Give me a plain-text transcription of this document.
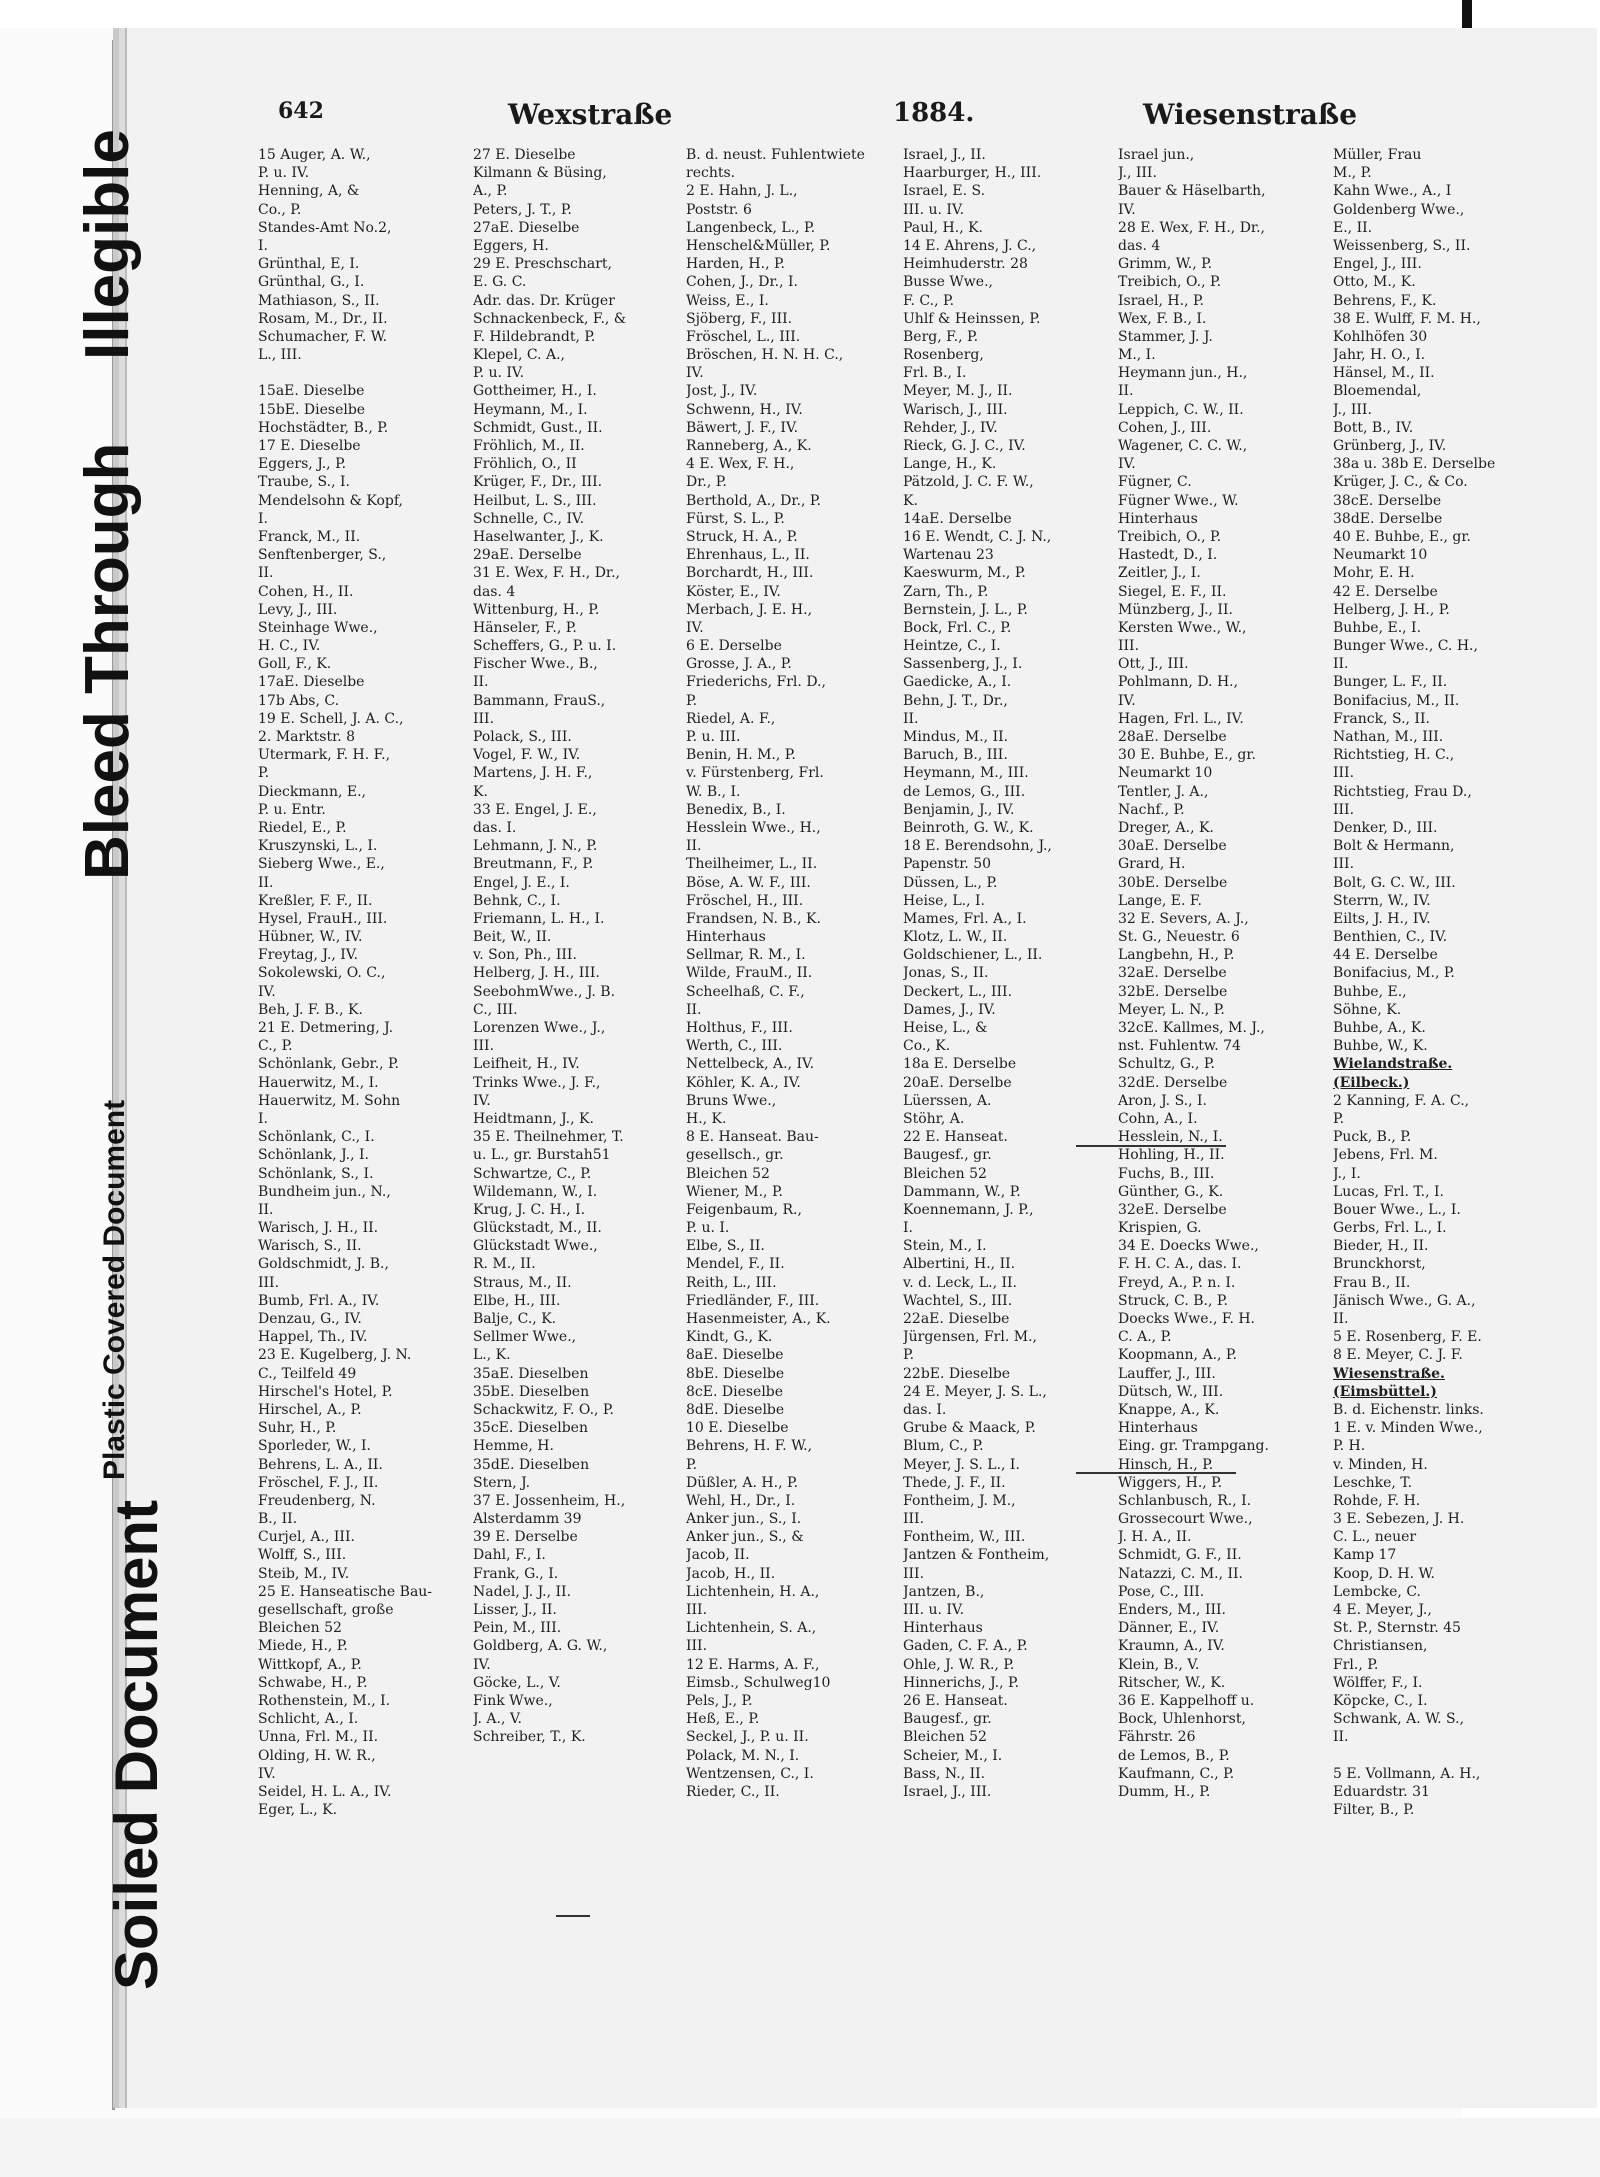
Soiled Document
Plastic Covered Document
Bleed Through
Illegible
642	Wexstraße	1884.	Wiesenstraße
15 Auger, A. W.,
P. u. IV.
Henning, A, &
Co., P.
Standes-Amt No.2,
I.
Grünthal, E, I.
Grünthal, G., I.
Mathiason, S., II.
Rosam, M., Dr., II.
Schumacher, F. W.
L., III.
15aE. Dieselbe
15bE. Dieselbe
Hochstädter, B., P.
17 E. Dieselbe
Eggers, J., P.
Traube, S., I.
Mendelsohn & Kopf,
I.
Franck, M., II.
Senftenberger, S.,
II.
Cohen, H., II.
Levy, J., III.
Steinhage Wwe.,
H. C., IV.
Goll, F., K.
17aE. Dieselbe
17b Abs, C.
19 E. Schell, J. A. C.,
2. Marktstr. 8
Utermark, F. H. F.,
P.
Dieckmann, E.,
P. u. Entr.
Riedel, E., P.
Kruszynski, L., I.
Sieberg Wwe., E.,
II.
Kreßler, F. F., II.
Hysel, FrauH., III.
Hübner, W., IV.
Freytag, J., IV.
Sokolewski, O. C.,
IV.
Beh, J. F. B., K.
21 E. Detmering, J.
C., P.
Schönlank, Gebr., P.
Hauerwitz, M., I.
Hauerwitz, M. Sohn
I.
Schönlank, C., I.
Schönlank, J., I.
Schönlank, S., I.
Bundheim jun., N.,
II.
Warisch, J. H., II.
Warisch, S., II.
Goldschmidt, J. B.,
III.
Bumb, Frl. A., IV.
Denzau, G., IV.
Happel, Th., IV.
23 E. Kugelberg, J. N.
C., Teilfeld 49
Hirschel's Hotel, P.
Hirschel, A., P.
Suhr, H., P.
Sporleder, W., I.
Behrens, L. A., II.
Fröschel, F. J., II.
Freudenberg, N.
B., II.
Curjel, A., III.
Wolff, S., III.
Steib, M., IV.
25 E. Hanseatische Bau-
gesellschaft, große
Bleichen 52
Miede, H., P.
Wittkopf, A., P.
Schwabe, H., P.
Rothenstein, M., I.
Schlicht, A., I.
Unna, Frl. M., II.
Olding, H. W. R.,
IV.
Seidel, H. L. A., IV.
Eger, L., K.
27 E. Dieselbe
Kilmann & Büsing,
A., P.
Peters, J. T., P.
27aE. Dieselbe
Eggers, H.
29 E. Preschschart,
E. G. C.
Adr. das. Dr. Krüger
Schnackenbeck, F., &
F. Hildebrandt, P.
Klepel, C. A.,
P. u. IV.
Gottheimer, H., I.
Heymann, M., I.
Schmidt, Gust., II.
Fröhlich, M., II.
Fröhlich, O., II
Krüger, F., Dr., III.
Heilbut, L. S., III.
Schnelle, C., IV.
Haselwanter, J., K.
29aE. Derselbe
31 E. Wex, F. H., Dr.,
das. 4
Wittenburg, H., P.
Hänseler, F., P.
Scheffers, G., P. u. I.
Fischer Wwe., B.,
II.
Bammann, FrauS.,
III.
Polack, S., III.
Vogel, F. W., IV.
Martens, J. H. F.,
K.
33 E. Engel, J. E.,
das. I.
Lehmann, J. N., P.
Breutmann, F., P.
Engel, J. E., I.
Behnk, C., I.
Friemann, L. H., I.
Beit, W., II.
v. Son, Ph., III.
Helberg, J. H., III.
SeebohmWwe., J. B.
C., III.
Lorenzen Wwe., J.,
III.
Leifheit, H., IV.
Trinks Wwe., J. F.,
IV.
Heidtmann, J., K.
35 E. Theilnehmer, T.
u. L., gr. Burstah51
Schwartze, C., P.
Wildemann, W., I.
Krug, J. C. H., I.
Glückstadt, M., II.
Glückstadt Wwe.,
R. M., II.
Straus, M., II.
Elbe, H., III.
Balje, C., K.
Sellmer Wwe.,
L., K.
35aE. Dieselben
35bE. Dieselben
Schackwitz, F. O., P.
35cE. Dieselben
Hemme, H.
35dE. Dieselben
Stern, J.
37 E. Jossenheim, H.,
Alsterdamm 39
39 E. Derselbe
Dahl, F., I.
Frank, G., I.
Nadel, J. J., II.
Lisser, J., II.
Pein, M., III.
Goldberg, A. G. W.,
IV.
Göcke, L., V.
Fink Wwe.,
J. A., V.
Schreiber, T., K.
B. d. neust. Fuhlentwiete
rechts.
2 E. Hahn, J. L.,
Poststr. 6
Langenbeck, L., P.
Henschel&Müller, P.
Harden, H., P.
Cohen, J., Dr., I.
Weiss, E., I.
Sjöberg, F., III.
Fröschel, L., III.
Bröschen, H. N. H. C.,
IV.
Jost, J., IV.
Schwenn, H., IV.
Bäwert, J. F., IV.
Ranneberg, A., K.
4 E. Wex, F. H.,
Dr., P.
Berthold, A., Dr., P.
Fürst, S. L., P.
Struck, H. A., P.
Ehrenhaus, L., II.
Borchardt, H., III.
Köster, E., IV.
Merbach, J. E. H.,
IV.
6 E. Derselbe
Grosse, J. A., P.
Friederichs, Frl. D.,
P.
Riedel, A. F.,
P. u. III.
Benin, H. M., P.
v. Fürstenberg, Frl.
W. B., I.
Benedix, B., I.
Hesslein Wwe., H.,
II.
Theilheimer, L., II.
Böse, A. W. F., III.
Fröschel, H., III.
Frandsen, N. B., K.
Hinterhaus
Sellmar, R. M., I.
Wilde, FrauM., II.
Scheelhaß, C. F.,
II.
Holthus, F., III.
Werth, C., III.
Nettelbeck, A., IV.
Köhler, K. A., IV.
Bruns Wwe.,
H., K.
8 E. Hanseat. Bau-
gesellsch., gr.
Bleichen 52
Wiener, M., P.
Feigenbaum, R.,
P. u. I.
Elbe, S., II.
Mendel, F., II.
Reith, L., III.
Friedländer, F., III.
Hasenmeister, A., K.
Kindt, G., K.
8aE. Dieselbe
8bE. Dieselbe
8cE. Dieselbe
8dE. Dieselbe
10 E. Dieselbe
Behrens, H. F. W.,
P.
Düßler, A. H., P.
Wehl, H., Dr., I.
Anker jun., S., I.
Anker jun., S., &
Jacob, II.
Jacob, H., II.
Lichtenhein, H. A.,
III.
Lichtenhein, S. A.,
III.
12 E. Harms, A. F.,
Eimsb., Schulweg10
Pels, J., P.
Heß, E., P.
Seckel, J., P. u. II.
Polack, M. N., I.
Wentzensen, C., I.
Rieder, C., II.
Israel, J., II.
Haarburger, H., III.
Israel, E. S.
III. u. IV.
Paul, H., K.
14 E. Ahrens, J. C.,
Heimhuderstr. 28
Busse Wwe.,
F. C., P.
Uhlf & Heinssen, P.
Berg, F., P.
Rosenberg,
Frl. B., I.
Meyer, M. J., II.
Warisch, J., III.
Rehder, J., IV.
Rieck, G. J. C., IV.
Lange, H., K.
Pätzold, J. C. F. W.,
K.
14aE. Derselbe
16 E. Wendt, C. J. N.,
Wartenau 23
Kaeswurm, M., P.
Zarn, Th., P.
Bernstein, J. L., P.
Bock, Frl. C., P.
Heintze, C., I.
Sassenberg, J., I.
Gaedicke, A., I.
Behn, J. T., Dr.,
II.
Mindus, M., II.
Baruch, B., III.
Heymann, M., III.
de Lemos, G., III.
Benjamin, J., IV.
Beinroth, G. W., K.
18 E. Berendsohn, J.,
Papenstr. 50
Düssen, L., P.
Heise, L., I.
Mames, Frl. A., I.
Klotz, L. W., II.
Goldschiener, L., II.
Jonas, S., II.
Deckert, L., III.
Dames, J., IV.
Heise, L., &
Co., K.
18a E. Derselbe
20aE. Derselbe
Lüerssen, A.
Stöhr, A.
22 E. Hanseat.
Baugesf., gr.
Bleichen 52
Dammann, W., P.
Koennemann, J. P.,
I.
Stein, M., I.
Albertini, H., II.
v. d. Leck, L., II.
Wachtel, S., III.
22aE. Dieselbe
Jürgensen, Frl. M.,
P.
22bE. Dieselbe
24 E. Meyer, J. S. L.,
das. I.
Grube & Maack, P.
Blum, C., P.
Meyer, J. S. L., I.
Thede, J. F., II.
Fontheim, J. M.,
III.
Fontheim, W., III.
Jantzen & Fontheim,
III.
Jantzen, B.,
III. u. IV.
Hinterhaus
Gaden, C. F. A., P.
Ohle, J. W. R., P.
Hinnerichs, J., P.
26 E. Hanseat.
Baugesf., gr.
Bleichen 52
Scheier, M., I.
Bass, N., II.
Israel, J., III.
Israel jun.,
J., III.
Bauer & Häselbarth,
IV.
28 E. Wex, F. H., Dr.,
das. 4
Grimm, W., P.
Treibich, O., P.
Israel, H., P.
Wex, F. B., I.
Stammer, J. J.
M., I.
Heymann jun., H.,
II.
Leppich, C. W., II.
Cohen, J., III.
Wagener, C. C. W.,
IV.
Fügner, C.
Fügner Wwe., W.
Hinterhaus
Treibich, O., P.
Hastedt, D., I.
Zeitler, J., I.
Siegel, E. F., II.
Münzberg, J., II.
Kersten Wwe., W.,
III.
Ott, J., III.
Pohlmann, D. H.,
IV.
Hagen, Frl. L., IV.
28aE. Derselbe
30 E. Buhbe, E., gr.
Neumarkt 10
Tentler, J. A.,
Nachf., P.
Dreger, A., K.
30aE. Derselbe
Grard, H.
30bE. Derselbe
Lange, E. F.
32 E. Severs, A. J.,
St. G., Neuestr. 6
Langbehn, H., P.
32aE. Derselbe
32bE. Derselbe
Meyer, L. N., P.
32cE. Kallmes, M. J.,
nst. Fuhlentw. 74
Schultz, G., P.
32dE. Derselbe
Aron, J. S., I.
Cohn, A., I.
Hesslein, N., I.
Hohling, H., II.
Fuchs, B., III.
Günther, G., K.
32eE. Derselbe
Krispien, G.
34 E. Doecks Wwe.,
F. H. C. A., das. I.
Freyd, A., P. n. I.
Struck, C. B., P.
Doecks Wwe., F. H.
C. A., P.
Koopmann, A., P.
Lauffer, J., III.
Dütsch, W., III.
Knappe, A., K.
Hinterhaus
Eing. gr. Trampgang.
Hinsch, H., P.
Wiggers, H., P.
Schlanbusch, R., I.
Grossecourt Wwe.,
J. H. A., II.
Schmidt, G. F., II.
Natazzi, C. M., II.
Pose, C., III.
Enders, M., III.
Dänner, E., IV.
Kraumn, A., IV.
Klein, B., V.
Ritscher, W., K.
36 E. Kappelhoff u.
Bock, Uhlenhorst,
Fährstr. 26
de Lemos, B., P.
Kaufmann, C., P.
Dumm, H., P.
Müller, Frau
M., P.
Kahn Wwe., A., I
Goldenberg Wwe.,
E., II.
Weissenberg, S., II.
Engel, J., III.
Otto, M., K.
Behrens, F., K.
38 E. Wulff, F. M. H.,
Kohlhöfen 30
Jahr, H. O., I.
Hänsel, M., II.
Bloemendal,
J., III.
Bott, B., IV.
Grünberg, J., IV.
38a u. 38b E. Derselbe
Krüger, J. C., & Co.
38cE. Derselbe
38dE. Derselbe
40 E. Buhbe, E., gr.
Neumarkt 10
Mohr, E. H.
42 E. Derselbe
Helberg, J. H., P.
Buhbe, E., I.
Bunger Wwe., C. H.,
II.
Bunger, L. F., II.
Bonifacius, M., II.
Franck, S., II.
Nathan, M., III.
Richtstieg, H. C.,
III.
Richtstieg, Frau D.,
III.
Denker, D., III.
Bolt & Hermann,
III.
Bolt, G. C. W., III.
Sterrn, W., IV.
Eilts, J. H., IV.
Benthien, C., IV.
44 E. Derselbe
Bonifacius, M., P.
Buhbe, E.,
Söhne, K.
Buhbe, A., K.
Buhbe, W., K.
Wielandstraße.
(Eilbeck.)
2 Kanning, F. A. C.,
P.
Puck, B., P.
Jebens, Frl. M.
J., I.
Lucas, Frl. T., I.
Bouer Wwe., L., I.
Gerbs, Frl. L., I.
Bieder, H., II.
Brunckhorst,
Frau B., II.
Jänisch Wwe., G. A.,
II.
5 E. Rosenberg, F. E.
8 E. Meyer, C. J. F.
Wiesenstraße.
(Eimsbüttel.)
B. d. Eichenstr. links.
1 E. v. Minden Wwe.,
P. H.
v. Minden, H.
Leschke, T.
Rohde, F. H.
3 E. Sebezen, J. H.
C. L., neuer
Kamp 17
Koop, D. H. W.
Lembcke, C.
4 E. Meyer, J.,
St. P., Sternstr. 45
Christiansen,
Frl., P.
Wölffer, F., I.
Köpcke, C., I.
Schwank, A. W. S.,
II.
5 E. Vollmann, A. H.,
Eduardstr. 31
Filter, B., P.
